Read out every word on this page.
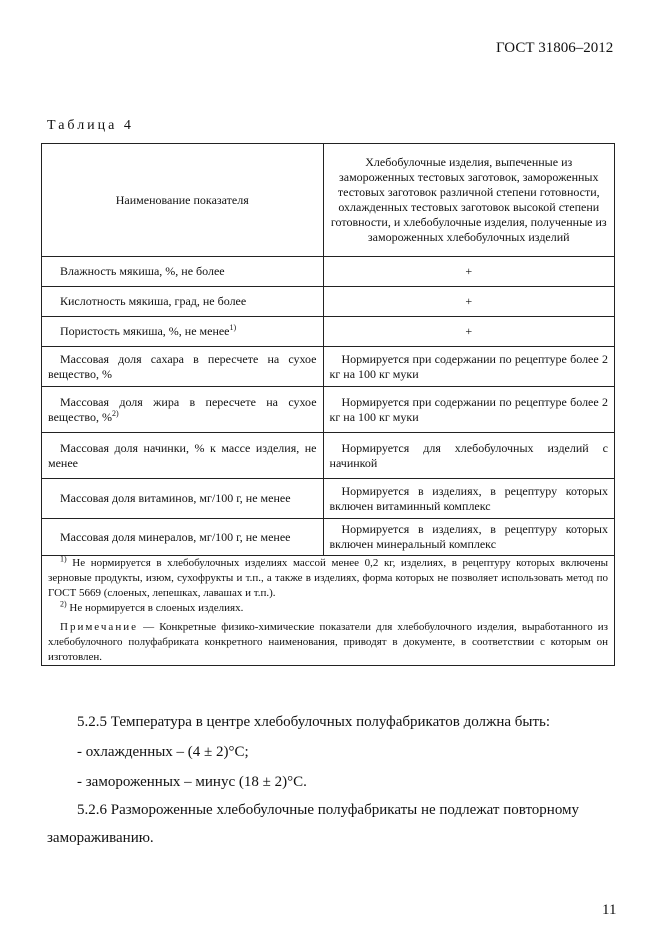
ГОСТ 31806–2012
Таблица 4
Наименование показателя	Хлебобулочные изделия, выпеченные из замороженных тестовых заготовок, замороженных тестовых заготовок различной степени готовности, охлажденных тестовых заготовок высокой степени готовности, и хлебобулочные изделия, полученные из замороженных хлебобулочных изделий
Влажность мякиша, %, не более	+
Кислотность мякиша, град, не более	+
Пористость мякиша, %, не менее$^{1)}$	+
Массовая доля сахара в пересчете на сухое вещество, %	Нормируется при содержании по рецептуре более 2 кг на 100 кг муки
Массовая доля жира в пересчете на сухое вещество, %$^{2)}$	Нормируется при содержании по рецептуре более 2 кг на 100 кг муки
Массовая доля начинки, % к массе изделия, не менее	Нормируется для хлебобулочных изделий с начинкой
Массовая доля витаминов, мг/100 г, не менее	Нормируется в изделиях, в рецептуру которых включен витаминный комплекс
Массовая доля минералов, мг/100 г, не менее	Нормируется в изделиях, в рецептуру которых включен минеральный комплекс

$^{1)}$ Не нормируется в хлебобулочных изделиях массой менее 0,2 кг, изделиях, в рецептуру которых включены зерновые продукты, изюм, сухофрукты и т.п., а также в изделиях, форма которых не позволяет использовать метод по ГОСТ 5669 (слоеных, лепешках, лавашах и т.п.).

$^{2)}$ Не нормируется в слоеных изделиях.

Примечание — Конкретные физико-химические показатели для хлебобулочного изделия, выработанного из хлебобулочного полуфабриката конкретного наименования, приводят в документе, в соответствии с которым он изготовлен.	

5.2.5 Температура в центре хлебобулочных полуфабрикатов должна быть:
- охлажденных – (4 ± 2)°С;
- замороженных – минус (18 ± 2)°С.
5.2.6 Размороженные хлебобулочные полуфабрикаты не подлежат повторному
замораживанию.
11
